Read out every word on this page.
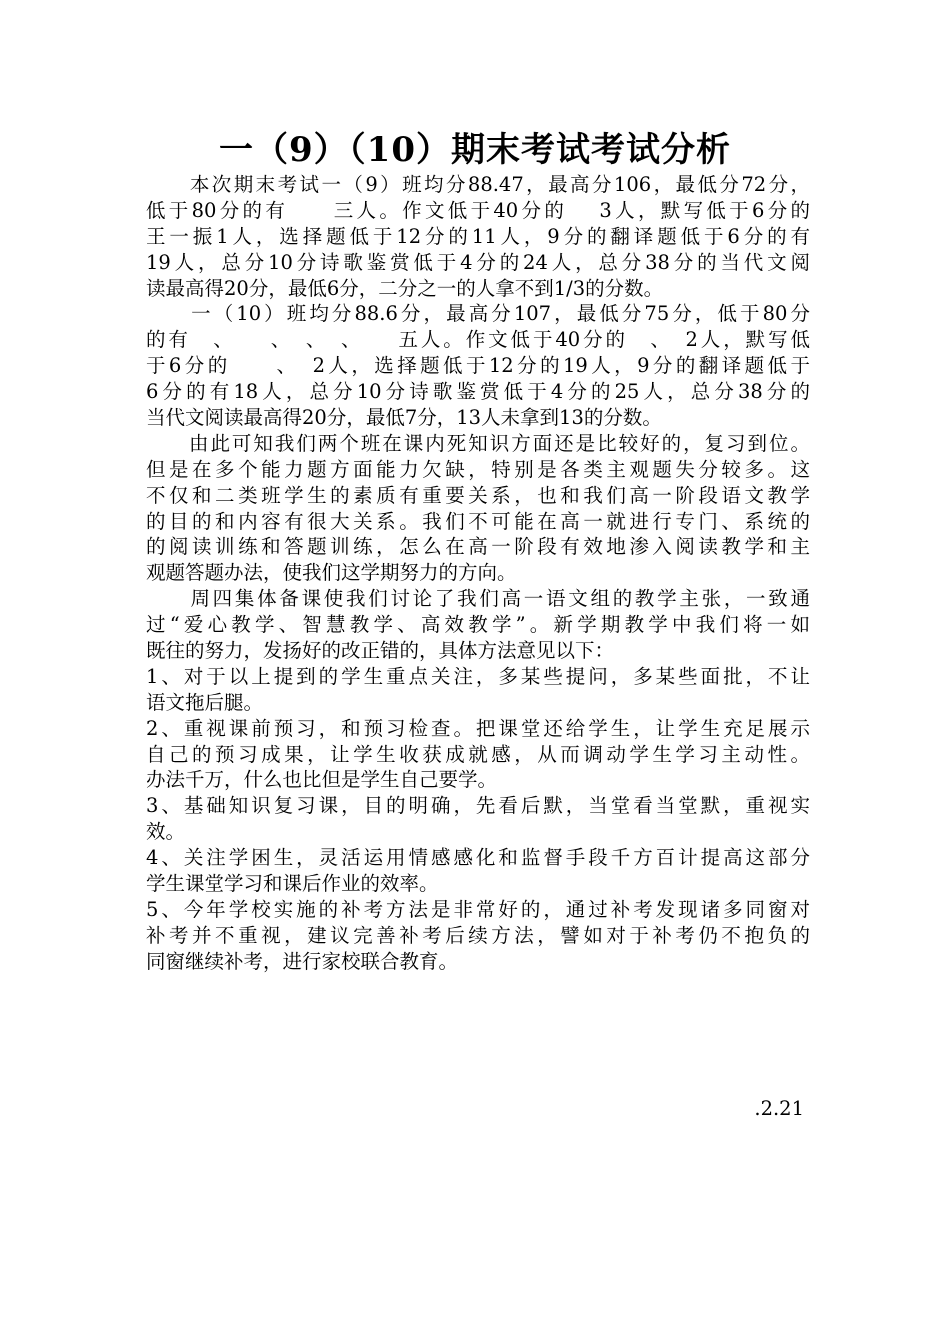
一（9）（10）期末考试考试分析
　　本次期末考试一（9）班均分88.47，最高分106，最低分72分，
低于80分的有　　三人。作文低于40分的　 3人，默写低于6分的
王一振1人，选择题低于12分的11人，9分的翻译题低于6分的有
19人，总分10分诗歌鉴赏低于4分的24人，总分38分的当代文阅
读最高得20分，最低6分，二分之一的人拿不到1/3的分数。
　　一（10）班均分88.6分，最高分107，最低分75分，低于80分
的有　、　　、　、　、　　五人。作文低于40分的　、　2人，默写低
于6分的　　、　2人，选择题低于12分的19人，9分的翻译题低于
6分的有18人，总分10分诗歌鉴赏低于4分的25人，总分38分的
当代文阅读最高得20分，最低7分，13人未拿到13的分数。
　　由此可知我们两个班在课内死知识方面还是比较好的，复习到位。
但是在多个能力题方面能力欠缺，特别是各类主观题失分较多。这
不仅和二类班学生的素质有重要关系，也和我们高一阶段语文教学
的目的和内容有很大关系。我们不可能在高一就进行专门、系统的
的阅读训练和答题训练，怎么在高一阶段有效地渗入阅读教学和主
观题答题办法，使我们这学期努力的方向。
　　周四集体备课使我们讨论了我们高一语文组的教学主张，一致通
过“爱心教学、智慧教学、高效教学”。新学期教学中我们将一如
既往的努力，发扬好的改正错的，具体方法意见以下：
1、对于以上提到的学生重点关注，多某些提问，多某些面批，不让
语文拖后腿。
2、重视课前预习，和预习检查。把课堂还给学生，让学生充足展示
自己的预习成果，让学生收获成就感，从而调动学生学习主动性。
办法千万，什么也比但是学生自己要学。
3、基础知识复习课，目的明确，先看后默，当堂看当堂默，重视实
效。
4、关注学困生，灵活运用情感感化和监督手段千方百计提高这部分
学生课堂学习和课后作业的效率。
5、今年学校实施的补考方法是非常好的，通过补考发现诸多同窗对
补考并不重视，建议完善补考后续方法，譬如对于补考仍不抱负的
同窗继续补考，进行家校联合教育。
.2.21
